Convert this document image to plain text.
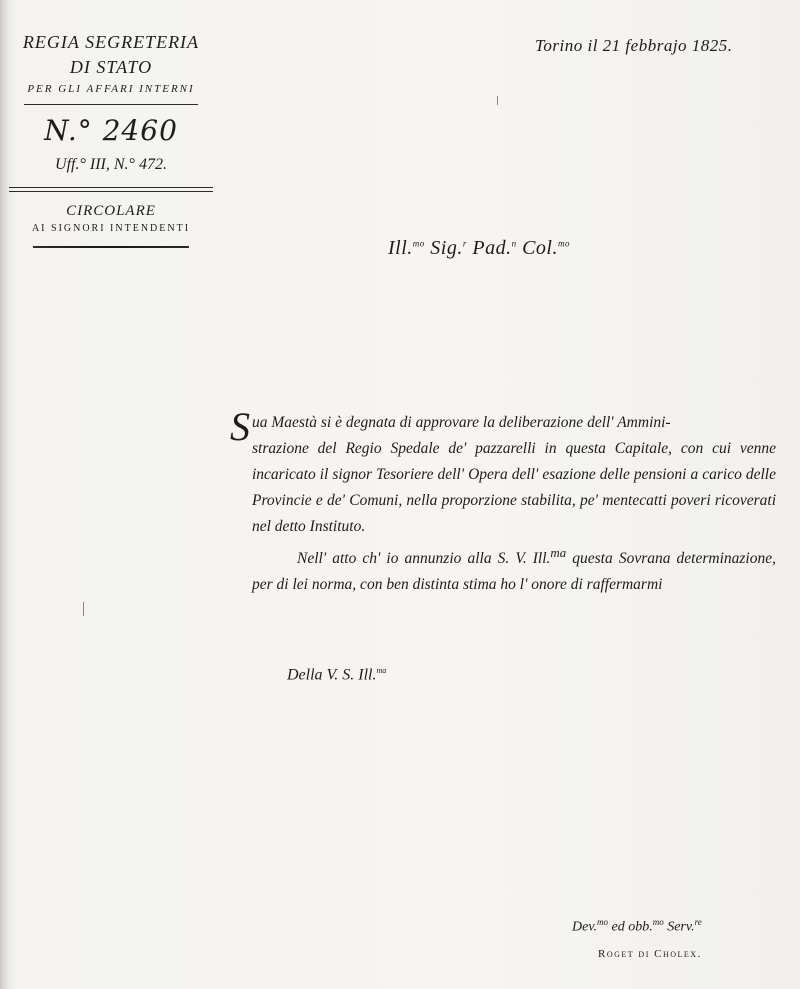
REGIA SEGRETERIA
DI STATO
PER GLI AFFARI INTERNI
N.° 2460
Uff.° III, N.° 472.
CIRCOLARE
AI SIGNORI INTENDENTI
Torino il 21 febbrajo 1825.
Ill.$^{mo}$ Sig.$^r$ Pad.$^n$ Col.$^{mo}$

Sua Maestà si è degnata di approvare la deliberazione dell' Ammini-

strazione del Regio Spedale de' pazzarelli in questa Capitale, con cui venne incaricato il signor Tesoriere dell' Opera dell' esazione delle pensioni a carico delle Provincie e de' Comuni, nella proporzione stabilita, pe' mentecatti poveri ricoverati nel detto Instituto.

Nell' atto ch' io annunzio alla S. V. Ill.$^{ma}$ questa Sovrana determinazione, per di lei norma, con ben distinta stima ho l' onore di raffermarmi

Della V. S. Ill.$^{ma}$
Dev.$^{mo}$ ed obb.$^{mo}$ Serv.$^{re}$
Roget di Cholex.
